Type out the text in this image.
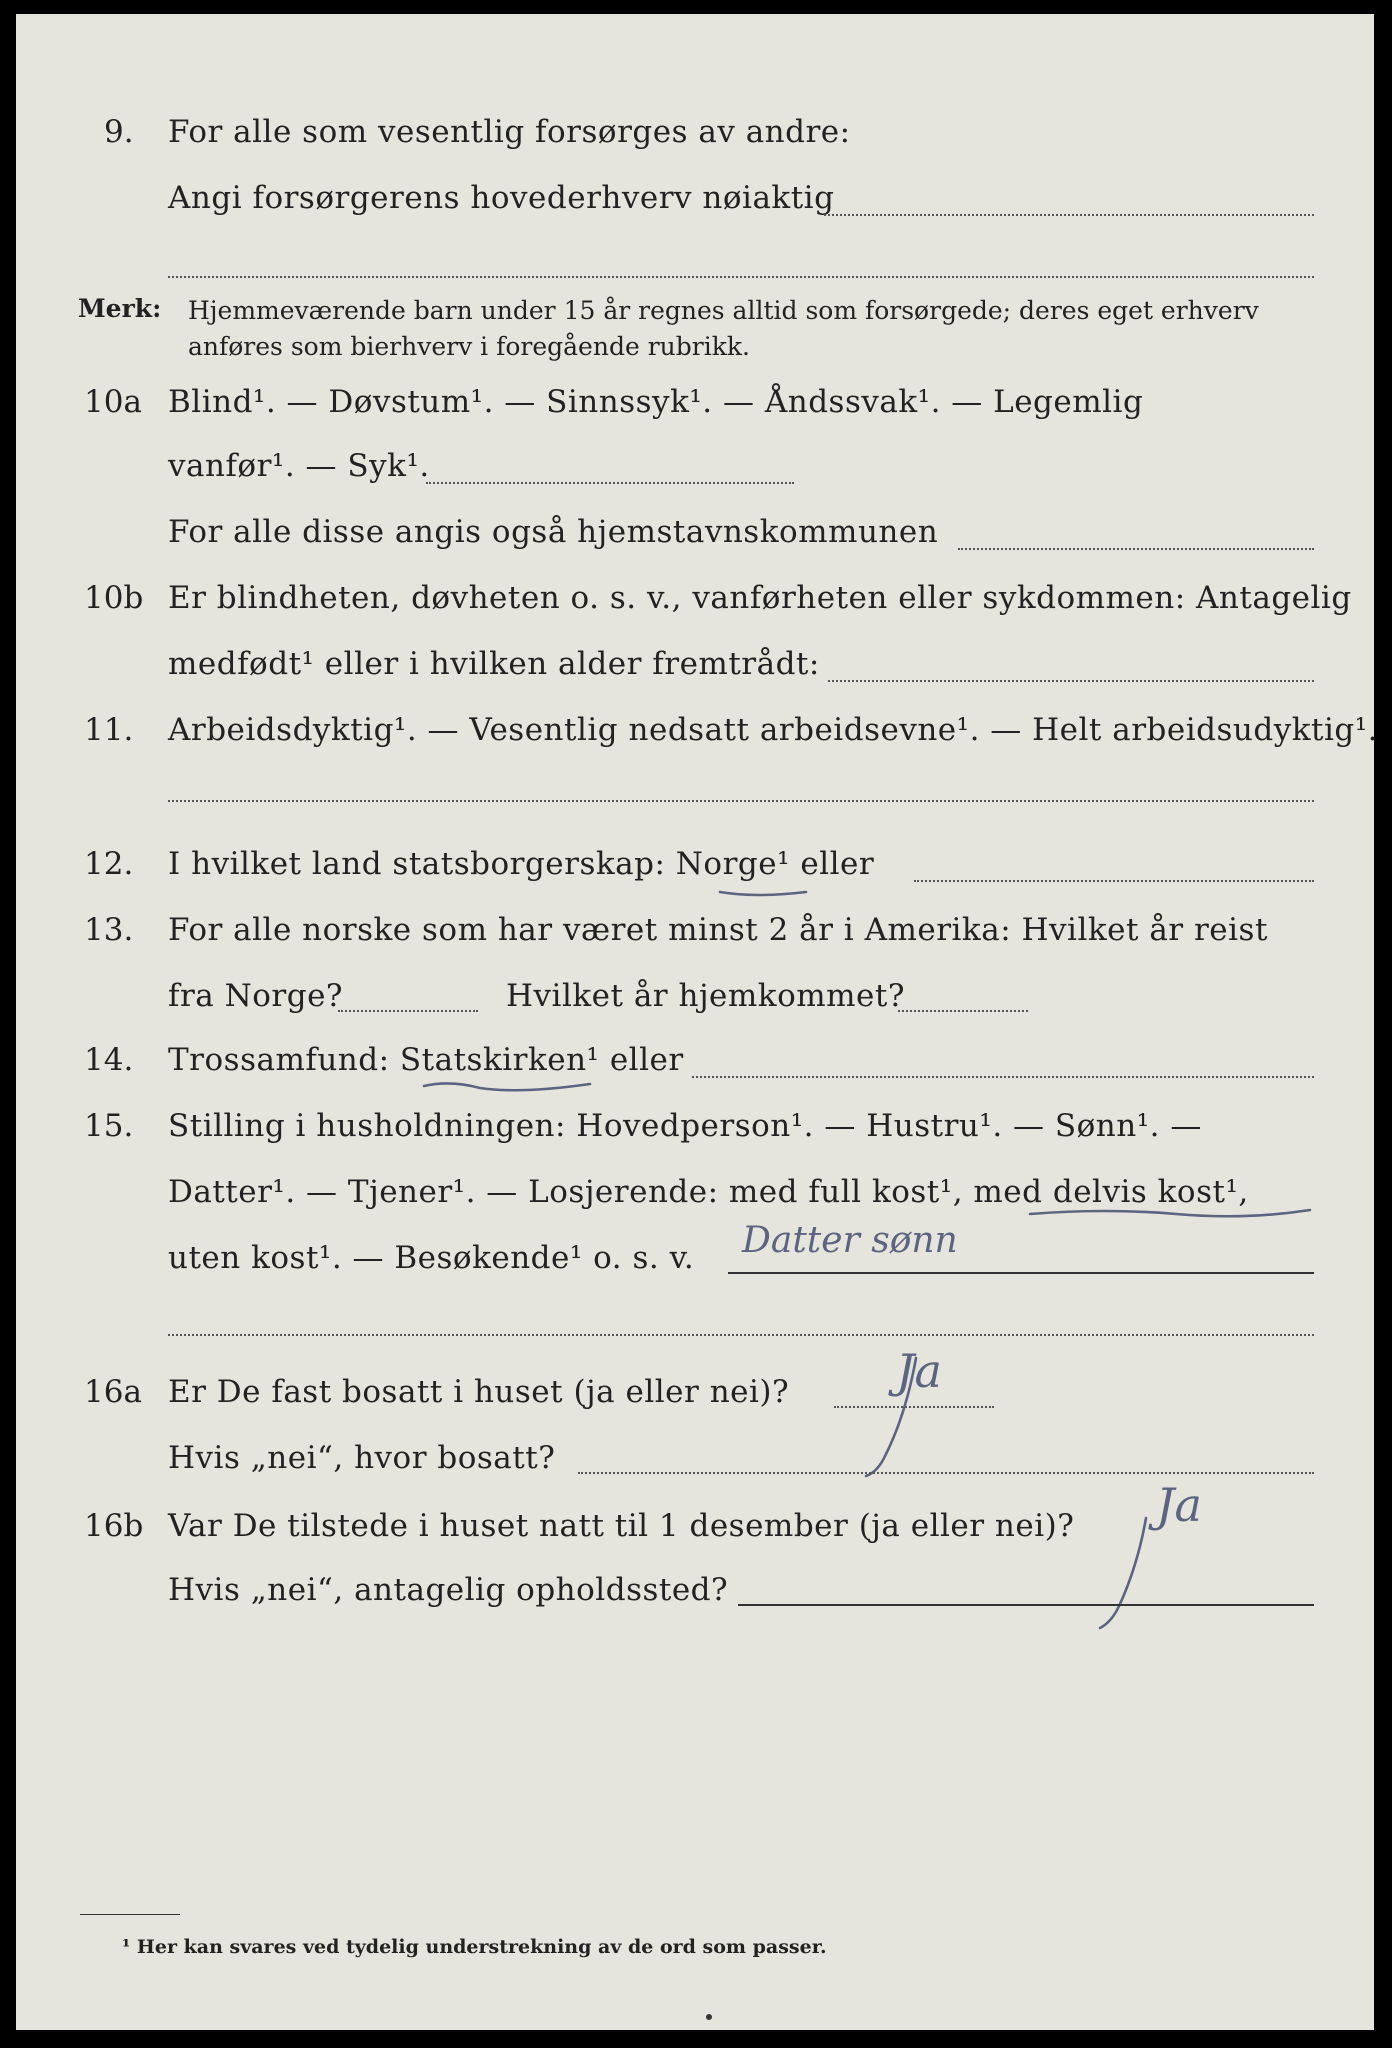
9. For alle som vesentlig forsørges av andre:
Angi forsørgerens hovederhverv nøiaktig
Merk: Hjemmeværende barn under 15 år regnes alltid som forsørgede; deres eget erhverv
anføres som bierhverv i foregående rubrikk.
10a Blind¹. — Døvstum¹. — Sinnssyk¹. — Åndssvak¹. — Legemlig
vanfør¹. — Syk¹.
For alle disse angis også hjemstavnskommunen
10b Er blindheten, døvheten o. s. v., vanførheten eller sykdommen: Antagelig
medfødt¹ eller i hvilken alder fremtrådt:
11. Arbeidsdyktig¹. — Vesentlig nedsatt arbeidsevne¹. — Helt arbeidsudyktig¹.
12. I hvilket land statsborgerskap: Norge¹ eller
13. For alle norske som har været minst 2 år i Amerika: Hvilket år reist
fra Norge?	Hvilket år hjemkommet?
14. Trossamfund: Statskirken¹ eller
15. Stilling i husholdningen: Hovedperson¹. — Hustru¹. — Sønn¹. —
Datter¹. — Tjener¹. — Losjerende: med full kost¹, med delvis kost¹,
uten kost¹. — Besøkende¹ o. s. v. Datter sønn
16a Er De fast bosatt i huset (ja eller nei)? Ja
Hvis „nei“, hvor bosatt?
16b Var De tilstede i huset natt til 1 desember (ja eller nei)? Ja
Hvis „nei“, antagelig opholdssted?
¹ Her kan svares ved tydelig understrekning av de ord som passer.
